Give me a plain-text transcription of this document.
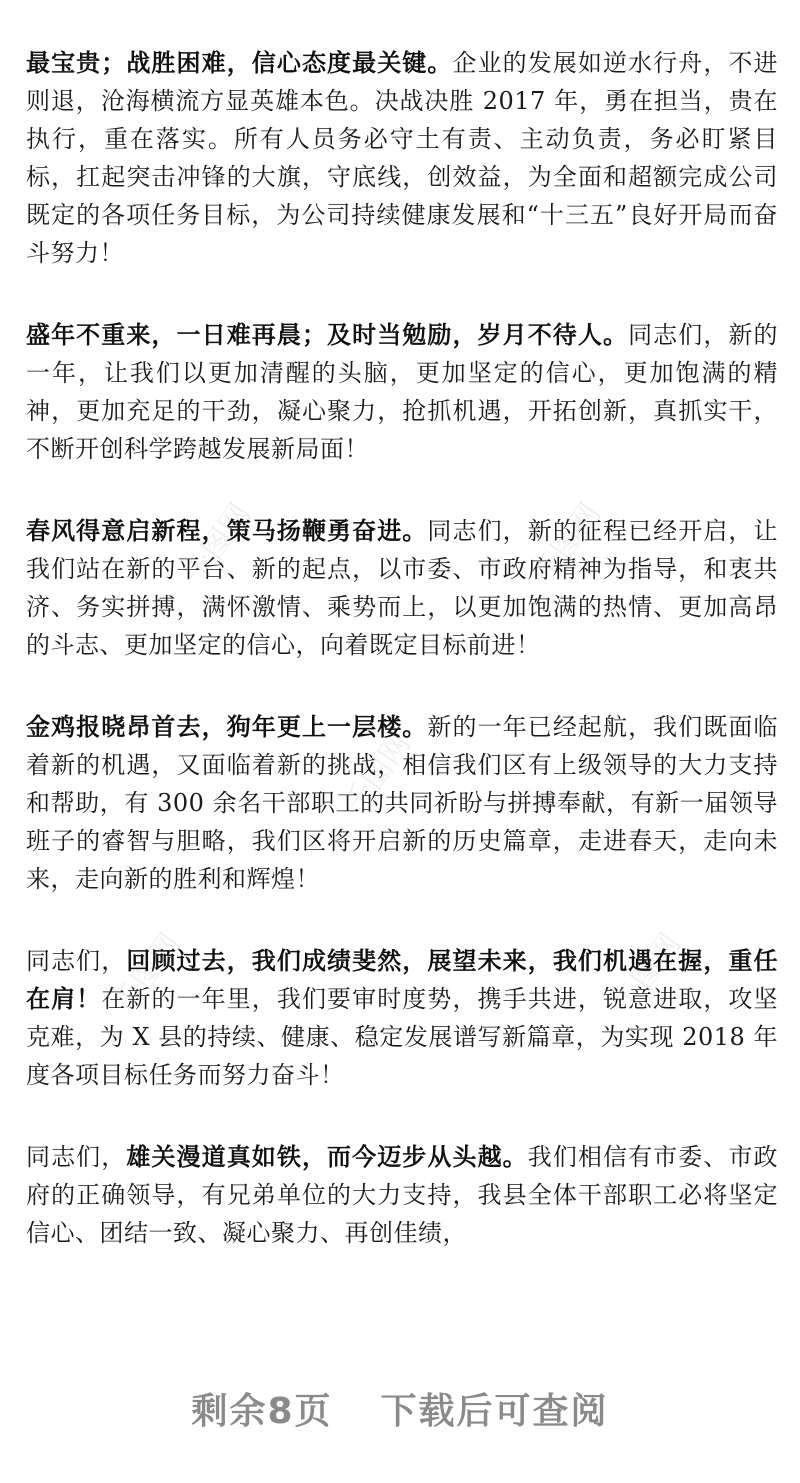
最宝贵；战胜困难，信心态度最关键。企业的发展如逆水行舟，不进则退，沧海横流方显英雄本色。决战决胜 2017 年，勇在担当，贵在执行，重在落实。所有人员务必守土有责、主动负责，务必盯紧目标，扛起突击冲锋的大旗，守底线，创效益，为全面和超额完成公司既定的各项任务目标，为公司持续健康发展和“十三五”良好开局而奋斗努力！

盛年不重来，一日难再晨；及时当勉励，岁月不待人。同志们，新的一年，让我们以更加清醒的头脑，更加坚定的信心，更加饱满的精神，更加充足的干劲，凝心聚力，抢抓机遇，开拓创新，真抓实干，不断开创科学跨越发展新局面！

春风得意启新程，策马扬鞭勇奋进。同志们，新的征程已经开启，让我们站在新的平台、新的起点，以市委、市政府精神为指导，和衷共济、务实拼搏，满怀激情、乘势而上，以更加饱满的热情、更加高昂的斗志、更加坚定的信心，向着既定目标前进！

金鸡报晓昂首去，狗年更上一层楼。新的一年已经起航，我们既面临着新的机遇，又面临着新的挑战，相信我们区有上级领导的大力支持和帮助，有 300 余名干部职工的共同祈盼与拼搏奉献，有新一届领导班子的睿智与胆略，我们区将开启新的历史篇章，走进春天，走向未来，走向新的胜利和辉煌！

同志们，回顾过去，我们成绩斐然，展望未来，我们机遇在握，重任在肩！在新的一年里，我们要审时度势，携手共进，锐意进取，攻坚克难，为 X 县的持续、健康、稳定发展谱写新篇章，为实现 2018 年度各项目标任务而努力奋斗！

同志们，雄关漫道真如铁，而今迈步从头越。我们相信有市委、市政府的正确领导，有兄弟单位的大力支持，我县全体干部职工必将坚定信心、团结一致、凝心聚力、再创佳绩，

千图网	千图网
千图网
千图网	千图网
剩余8页 下载后可查阅
